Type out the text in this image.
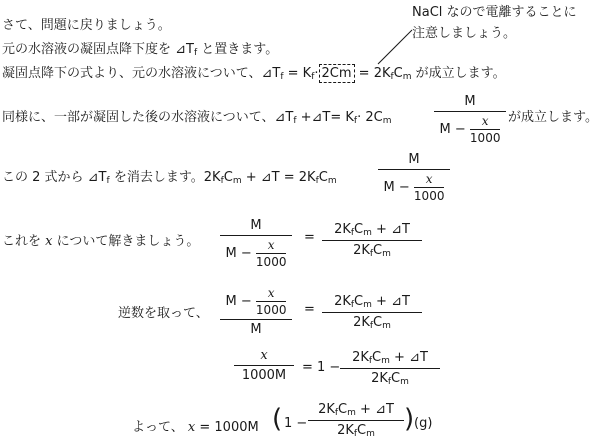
NaCl なので電離することに
注意しましょう。
さて、問題に戻りましょう。
元の水溶液の凝固点降下度を $⊿T_f$ と置きます。
凝固点降下の式より、元の水溶液について、$⊿T_f = K_f\cdot 2Cm = 2K_fC_m$ が成立します。
同様に、一部が凝固した後の水溶液について、$⊿T_f$ +⊿T= $K_f\cdot 2C_m$
M
$M - \frac{x}{1000}$ が成立します。
この 2 式から $⊿T_f$ を消去します。$2K_fC_m$ + ⊿T = $2K_fC_m$
M
$M - \frac{x}{1000}$
これを x について解きましょう。
M
$M - \frac{x}{1000}$
=
$2K_fC_m$ + ⊿T
$2K_fC_m$
逆数を取って、
$M - \frac{x}{1000}$
M
=
$2K_fC_m$ + ⊿T
$2K_fC_m$
x
1000M
= 1 −
$2K_fC_m$ + ⊿T
$2K_fC_m$
よって、 x = 1000M ( 1 −
$2K_fC_m$ + ⊿T
$2K_fC_m$	) (g)
